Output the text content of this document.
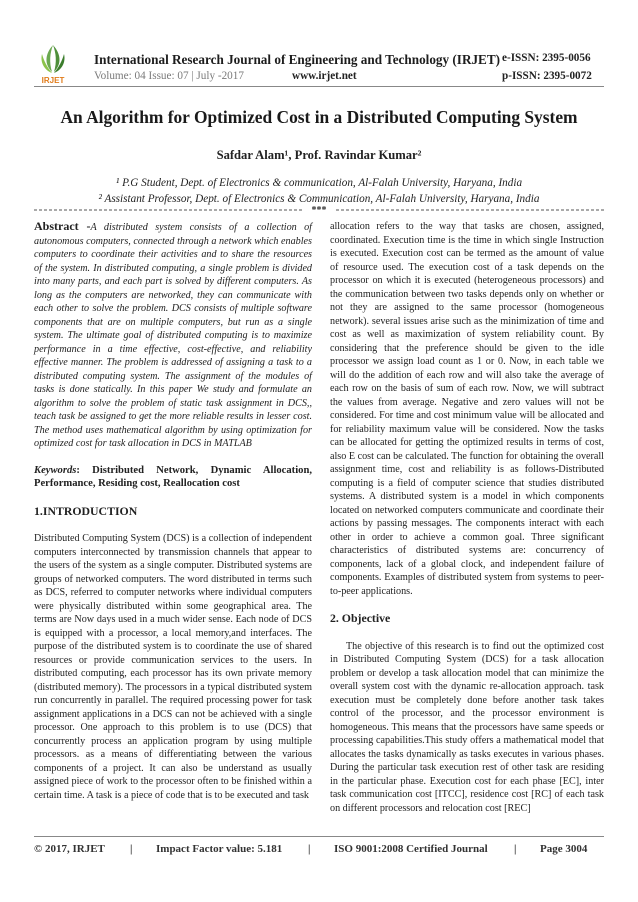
IRJET
International Research Journal of Engineering and Technology (IRJET)
Volume: 04 Issue: 07 | July -2017	www.irjet.net
e-ISSN: 2395-0056
p-ISSN: 2395-0072
An Algorithm for Optimized Cost in a Distributed Computing System
Safdar Alam¹, Prof. Ravindar Kumar²
¹ P.G Student, Dept. of Electronics & communication, Al-Falah University, Haryana, India
² Assistant Professor, Dept. of Electronics & Communication, Al-Falah University, Haryana, India
***

Abstract -A distributed system consists of a collection of autonomous computers, connected through a network which enables computers to coordinate their activities and to share the resources of the system. In distributed computing, a single problem is divided into many parts, and each part is solved by different computers. As long as the computers are networked, they can communicate with each other to solve the problem. DCS consists of multiple software components that are on multiple computers, but run as a single system. The ultimate goal of distributed computing is to maximize performance in a time effective, cost-effective, and reliability effective manner. The problem is addressed of assigning a task to a distributed computing system. The assignment of the modules of tasks is done statically. In this paper We study and formulate an algorithm to solve the problem of static task assignment in DCS,, teach task be assigned to get the more reliable results in lesser cost. The method uses mathematical algorithm by using optimization for optimized cost for task allocation in DCS in MATLAB

Keywords: Distributed Network, Dynamic Allocation, Performance, Residing cost, Reallocation cost

1.INTRODUCTION

Distributed Computing System (DCS) is a collection of independent computers interconnected by transmission channels that appear to the users of the system as a single computer. Distributed systems are groups of networked computers. The word distributed in terms such as DCS, referred to computer networks where individual computers were physically distributed within some geographical area. The terms are Now days used in a much wider sense. Each node of DCS is equipped with a processor, a local memory,and interfaces. The purpose of the distributed system is to coordinate the use of shared resources or provide communication services to the users. In distributed computing, each processor has its own private memory (distributed memory). The processors in a typical distributed system run concurrently in parallel. The required processing power for task assignment applications in a DCS can not be achieved with a single processor. One approach to this problem is to use (DCS) that concurrently process an application program by using multiple processors. as a means of differentiating between the various components of a project. It can also be understand as usually assigned piece of work to the processor often to be finished within a certain time. A task is a piece of code that is to be executed and task

allocation refers to the way that tasks are chosen, assigned, coordinated. Execution time is the time in which single Instruction is executed. Execution cost can be termed as the amount of value of resource used. The execution cost of a task depends on the processor on which it is executed (heterogeneous processors) and the communication between two tasks depends only on whether or not they are assigned to the same processor (homogeneous network). several issues arise such as the minimization of time and cost as well as maximization of system reliability count. By considering that the preference should be given to the idle processor we assign load count as 1 or 0. Now, in each table we will do the addition of each row and will also take the average of each row on the basis of sum of each row. Now, we will subtract the values from average. Negative and zero values will not be considered. For time and cost minimum value will be allocated and for reliability maximum value will be considered. Now the tasks can be allocated for getting the optimized results in terms of cost, also E cost can be calculated. The function for obtaining the overall assignment time, cost and reliability is as follows-Distributed computing is a field of computer science that studies distributed systems. A distributed system is a model in which components located on networked computers communicate and coordinate their actions by passing messages. The components interact with each other in order to achieve a common goal. Three significant characteristics of distributed systems are: concurrency of components, lack of a global clock, and independent failure of components. Examples of distributed system from systems to peer-to-peer applications.

2. Objective

The objective of this research is to find out the optimized cost in Distributed Computing System (DCS) for a task allocation problem or develop a task allocation model that can minimize the overall system cost with the dynamic re-allocation approach. task execution must be completely done before another task takes control of the processor, and the processor environment is homogeneous. This means that the processors have same speeds or processing capabilities.This study offers a mathematical model that allocates the tasks dynamically as tasks executes in various phases. During the particular task execution rest of other task are residing in the particular phase. Execution cost for each phase [EC], inter task communication cost [ITCC], residence cost [RC] of each task on different processors and relocation cost [REC]

© 2017, IRJET | Impact Factor value: 5.181 | ISO 9001:2008 Certified Journal | Page 3004
